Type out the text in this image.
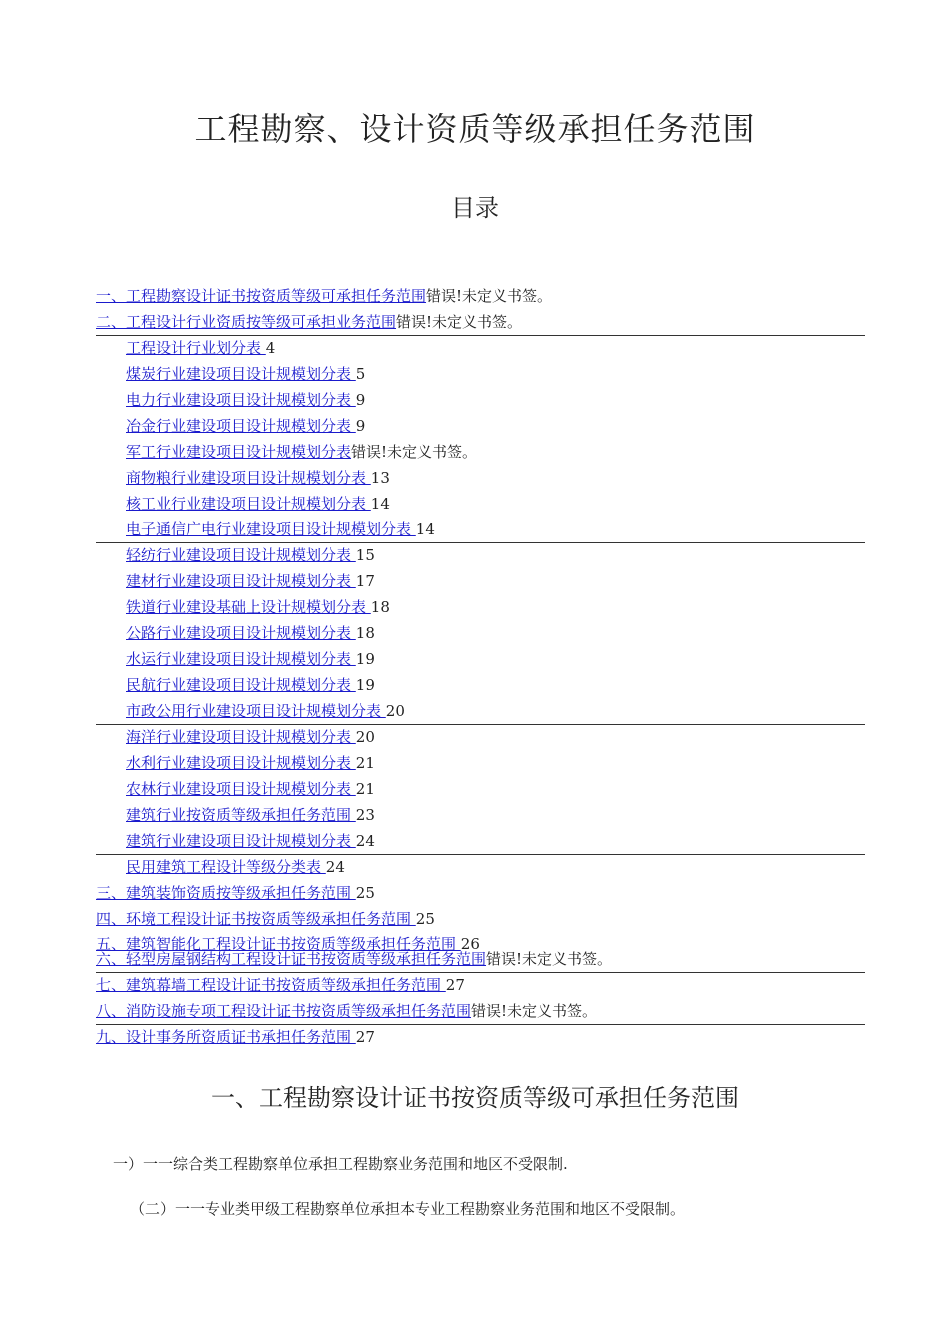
工程勘察、设计资质等级承担任务范围
目录
一、工程勘察设计证书按资质等级可承担任务范围错误!未定义书签。
二、工程设计行业资质按等级可承担业务范围错误!未定义书签。
工程设计行业划分表 4
煤炭行业建设项目设计规模划分表 5
电力行业建设项目设计规模划分表 9
冶金行业建设项目设计规模划分表 9
军工行业建设项目设计规模划分表错误!未定义书签。
商物粮行业建设项目设计规模划分表 13
核工业行业建设项目设计规模划分表 14
电子通信广电行业建设项目设计规模划分表 14
轻纺行业建设项目设计规模划分表 15
建材行业建设项目设计规模划分表 17
铁道行业建设基础上设计规模划分表 18
公路行业建设项目设计规模划分表 18
水运行业建设项目设计规模划分表 19
民航行业建设项目设计规模划分表 19
市政公用行业建设项目设计规模划分表 20
海洋行业建设项目设计规模划分表 20
水利行业建设项目设计规模划分表 21
农林行业建设项目设计规模划分表 21
建筑行业按资质等级承担任务范围 23
建筑行业建设项目设计规模划分表 24
民用建筑工程设计等级分类表 24
三、建筑装饰资质按等级承担任务范围 25
四、环境工程设计证书按资质等级承担任务范围 25
五、建筑智能化工程设计证书按资质等级承担任务范围 26
六、轻型房屋钢结构工程设计证书按资质等级承担任务范围错误!未定义书签。
七、建筑幕墙工程设计证书按资质等级承担任务范围 27
八、消防设施专项工程设计证书按资质等级承担任务范围错误!未定义书签。
九、设计事务所资质证书承担任务范围 27
一、工程勘察设计证书按资质等级可承担任务范围

一）一一综合类工程勘察单位承担工程勘察业务范围和地区不受限制.

（二）一一专业类甲级工程勘察单位承担本专业工程勘察业务范围和地区不受限制。
